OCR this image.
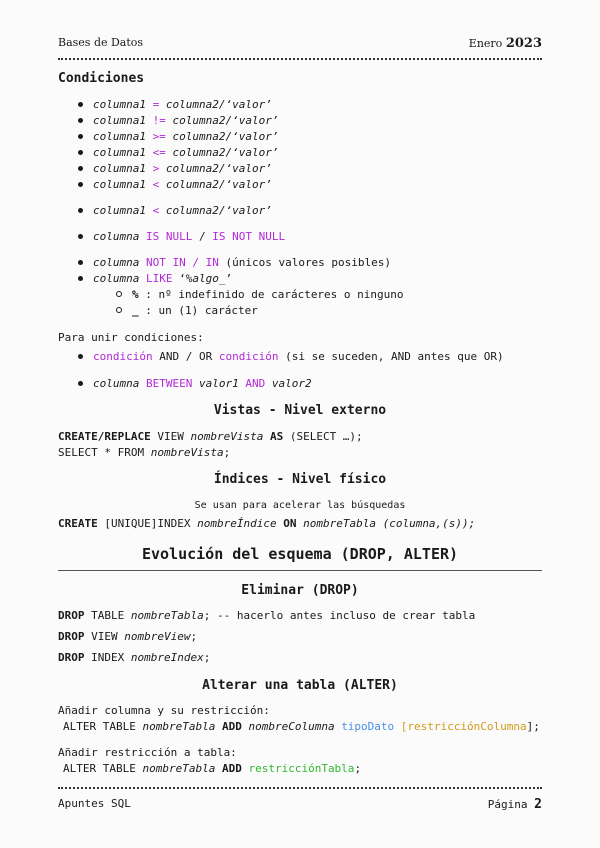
Bases de Datos	Enero 2023
Condiciones
columna1 = columna2/‘valor’
columna1 != columna2/‘valor’
columna1 >= columna2/‘valor’
columna1 <= columna2/‘valor’
columna1 > columna2/‘valor’
columna1 < columna2/‘valor’
columna1 < columna2/‘valor’
columna IS NULL / IS NOT NULL
columna NOT IN / IN (únicos valores posibles)
columna LIKE ‘%algo_’
% : nº indefinido de carácteres o ninguno
_ : un (1) carácter
Para unir condiciones:
condición AND / OR condición (si se suceden, AND antes que OR)
columna BETWEEN valor1 AND valor2
Vistas - Nivel externo
CREATE/REPLACE VIEW nombreVista AS (SELECT …);
SELECT * FROM nombreVista;
Índices - Nivel físico
Se usan para acelerar las búsquedas
CREATE [UNIQUE]INDEX nombreÍndice ON nombreTabla (columna,(s));
Evolución del esquema (DROP, ALTER)
Eliminar (DROP)
DROP TABLE nombreTabla; -- hacerlo antes incluso de crear tabla
DROP VIEW nombreView;
DROP INDEX nombreIndex;
Alterar una tabla (ALTER)
Añadir columna y su restricción:
ALTER TABLE nombreTabla ADD nombreColumna tipoDato [restricciónColumna];
Añadir restricción a tabla:
ALTER TABLE nombreTabla ADD restricciónTabla;
Apuntes SQL	Página 2
